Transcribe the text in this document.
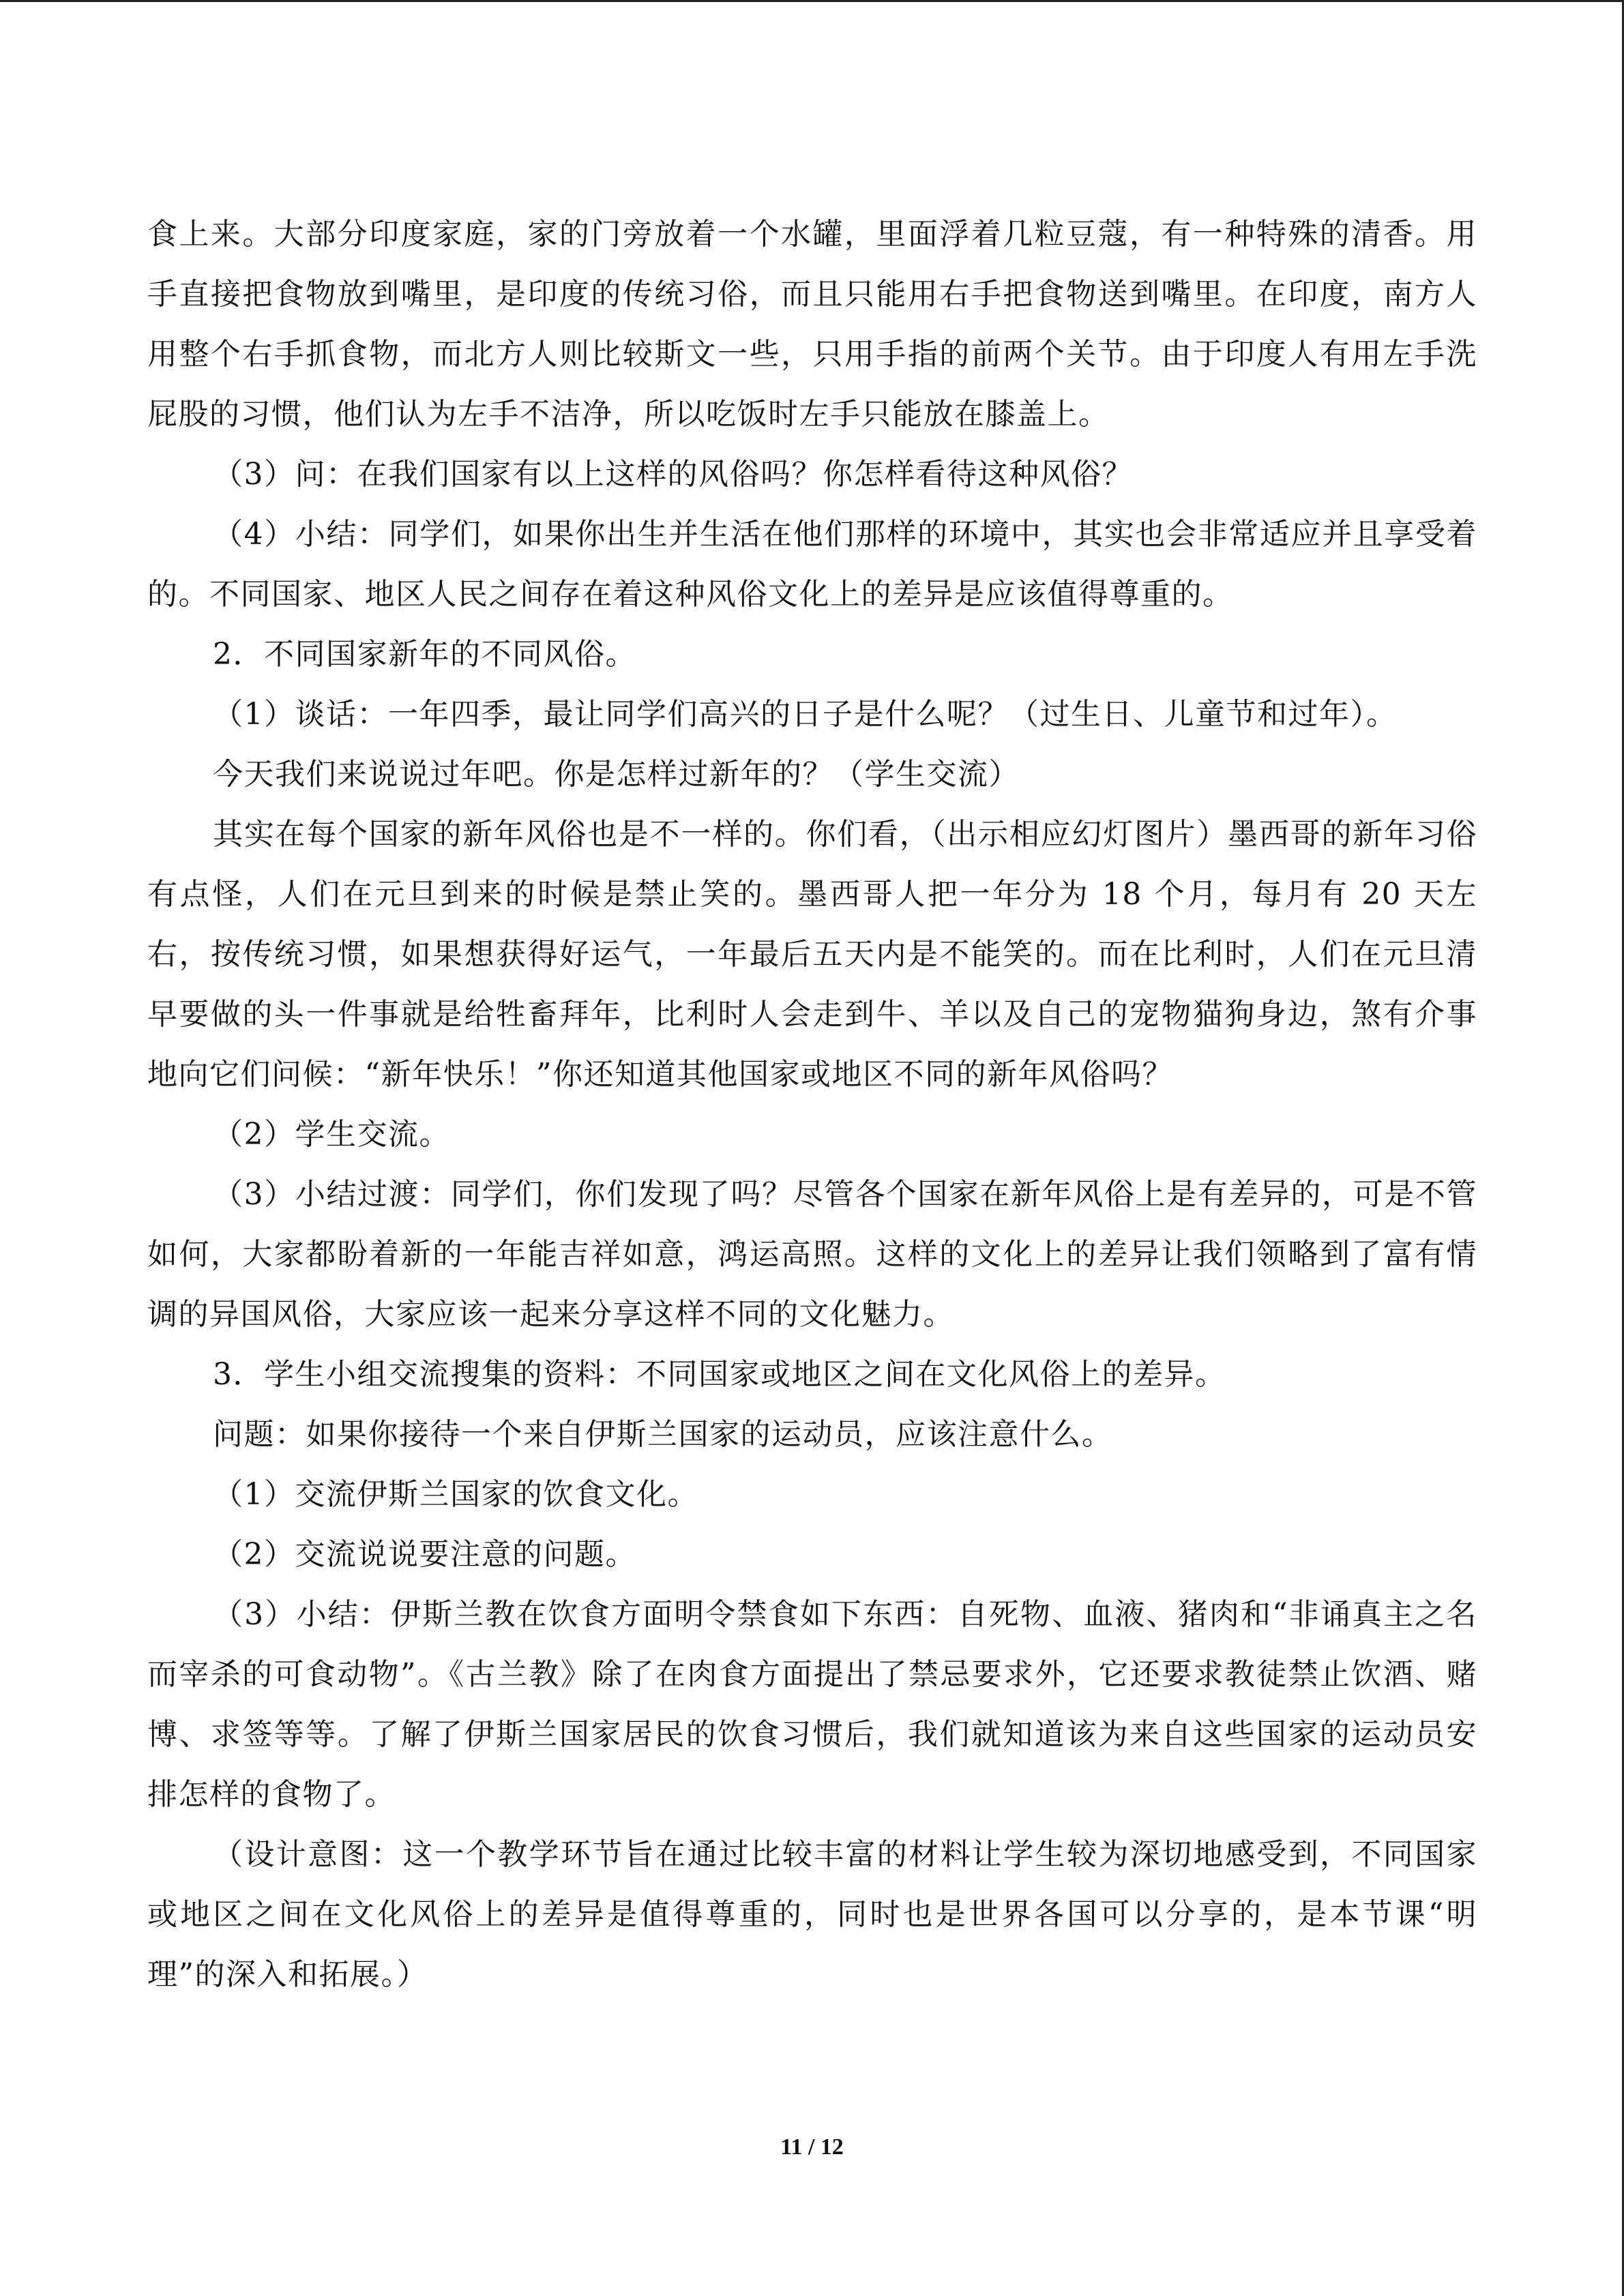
食上来。大部分印度家庭，家的门旁放着一个水罐，里面浮着几粒豆蔻，有一种特殊的清香。用手直接把食物放到嘴里，是印度的传统习俗，而且只能用右手把食物送到嘴里。在印度，南方人用整个右手抓食物，而北方人则比较斯文一些，只用手指的前两个关节。由于印度人有用左手洗屁股的习惯，他们认为左手不洁净，所以吃饭时左手只能放在膝盖上。

（3）问：在我们国家有以上这样的风俗吗？你怎样看待这种风俗？

（4）小结：同学们，如果你出生并生活在他们那样的环境中，其实也会非常适应并且享受着的。不同国家、地区人民之间存在着这种风俗文化上的差异是应该值得尊重的。

2．不同国家新年的不同风俗。

（1）谈话：一年四季，最让同学们高兴的日子是什么呢？（过生日、儿童节和过年）。

今天我们来说说过年吧。你是怎样过新年的？（学生交流）

其实在每个国家的新年风俗也是不一样的。你们看，（出示相应幻灯图片）墨西哥的新年习俗有点怪，人们在元旦到来的时候是禁止笑的。墨西哥人把一年分为 18 个月，每月有 20 天左右，按传统习惯，如果想获得好运气，一年最后五天内是不能笑的。而在比利时，人们在元旦清早要做的头一件事就是给牲畜拜年，比利时人会走到牛、羊以及自己的宠物猫狗身边，煞有介事地向它们问候：“新年快乐！”你还知道其他国家或地区不同的新年风俗吗？

（2）学生交流。

（3）小结过渡：同学们，你们发现了吗？尽管各个国家在新年风俗上是有差异的，可是不管如何，大家都盼着新的一年能吉祥如意，鸿运高照。这样的文化上的差异让我们领略到了富有情调的异国风俗，大家应该一起来分享这样不同的文化魅力。

3．学生小组交流搜集的资料：不同国家或地区之间在文化风俗上的差异。

问题：如果你接待一个来自伊斯兰国家的运动员，应该注意什么。

（1）交流伊斯兰国家的饮食文化。

（2）交流说说要注意的问题。

（3）小结：伊斯兰教在饮食方面明令禁食如下东西：自死物、血液、猪肉和“非诵真主之名而宰杀的可食动物”。《古兰教》除了在肉食方面提出了禁忌要求外，它还要求教徒禁止饮酒、赌博、求签等等。了解了伊斯兰国家居民的饮食习惯后，我们就知道该为来自这些国家的运动员安排怎样的食物了。

（设计意图：这一个教学环节旨在通过比较丰富的材料让学生较为深切地感受到，不同国家或地区之间在文化风俗上的差异是值得尊重的，同时也是世界各国可以分享的，是本节课“明理”的深入和拓展。）

11 / 12
